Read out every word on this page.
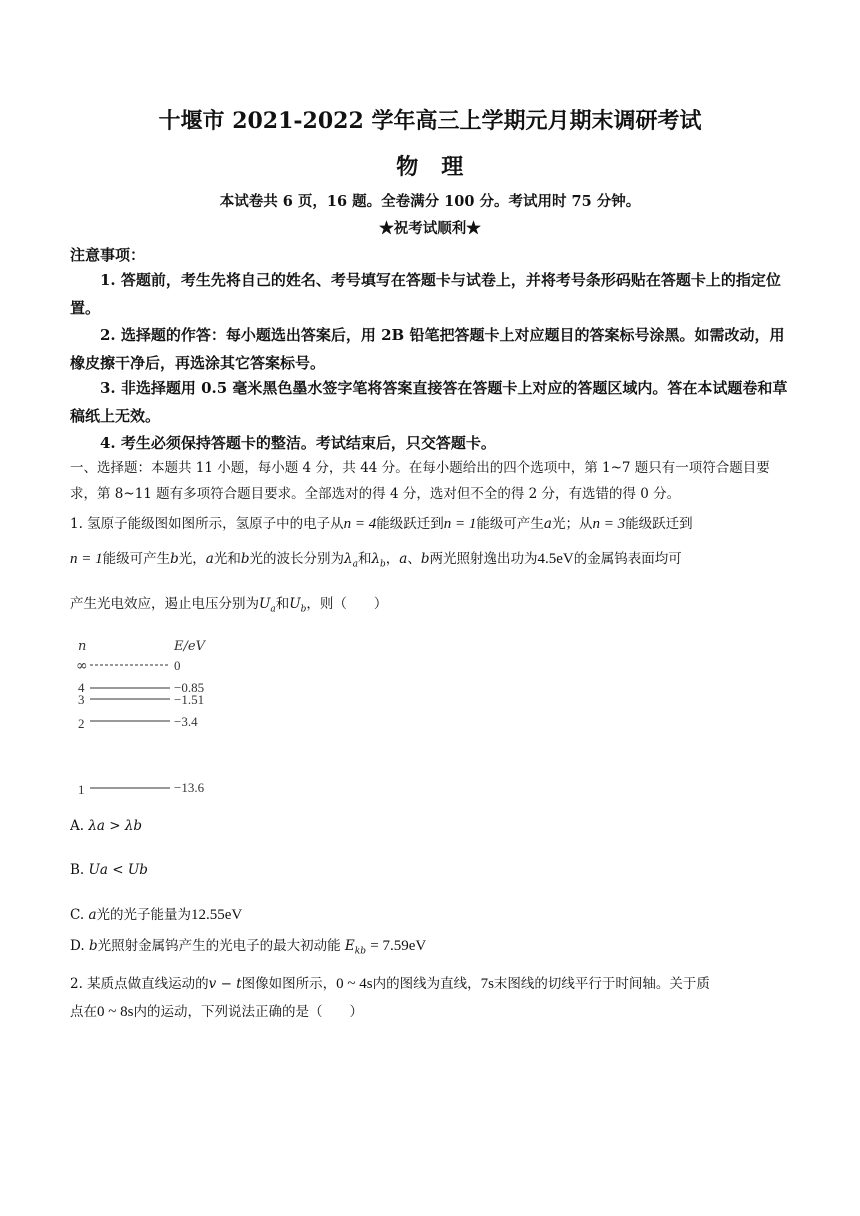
十堰市 2021-2022 学年高三上学期元月期末调研考试
物　理
本试卷共 6 页，16 题。全卷满分 100 分。考试用时 75 分钟。
★祝考试顺利★
注意事项：
1. 答题前，考生先将自己的姓名、考号填写在答题卡与试卷上，并将考号条形码贴在答题卡上的指定位置。
2. 选择题的作答：每小题选出答案后，用 2B 铅笔把答题卡上对应题目的答案标号涂黑。如需改动，用橡皮擦干净后，再选涂其它答案标号。
3. 非选择题用 0.5 毫米黑色墨水签字笔将答案直接答在答题卡上对应的答题区域内。答在本试题卷和草稿纸上无效。
4. 考生必须保持答题卡的整洁。考试结束后，只交答题卡。
一、选择题：本题共 11 小题，每小题 4 分，共 44 分。在每小题给出的四个选项中，第 1~7 题只有一项符合题目要求，第 8~11 题有多项符合题目要求。全部选对的得 4 分，选对但不全的得 2 分，有选错的得 0 分。
1. 氢原子能级图如图所示，氢原子中的电子从n = 4能级跃迁到n = 1能级可产生a光；从n = 3能级跃迁到
n = 1能级可产生b光，a光和b光的波长分别为$\lambda_a$和$\lambda_b$，a、b两光照射逸出功为4.5eV的金属钨表面均可
产生光电效应，遏止电压分别为$U_a$和$U_b$，则（　　）
n	E/eV
∞	0
4	−0.85
3	−1.51
2	−3.4
1	−13.6
A. λa > λb
B. Ua < Ub
C. a光的光子能量为12.55eV
D. b光照射金属钨产生的光电子的最大初动能 $E_{kb} = 7.59eV$
2. 某质点做直线运动的v − t图像如图所示，0 ~ 4s内的图线为直线，7s末图线的切线平行于时间轴。关于质
点在0 ~ 8s内的运动，下列说法正确的是（　　）
